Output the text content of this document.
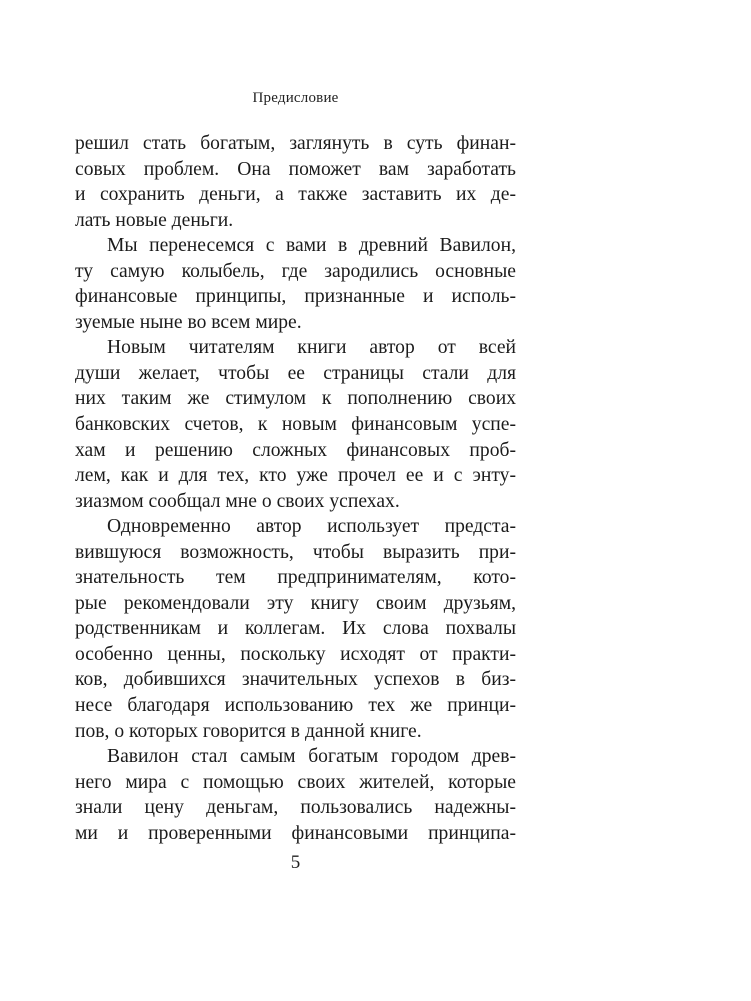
Предисловие
решил стать богатым, заглянуть в суть финан-
совых проблем. Она поможет вам заработать
и сохранить деньги, а также заставить их де-
лать новые деньги.
Мы перенесемся с вами в древний Вавилон,
ту самую колыбель, где зародились основные
финансовые принципы, признанные и исполь-
зуемые ныне во всем мире.
Новым читателям книги автор от всей
души желает, чтобы ее страницы стали для
них таким же стимулом к пополнению своих
банковских счетов, к новым финансовым успе-
хам и решению сложных финансовых проб-
лем, как и для тех, кто уже прочел ее и с энту-
зиазмом сообщал мне о своих успехах.
Одновременно автор использует предста-
вившуюся возможность, чтобы выразить при-
знательность тем предпринимателям, кото-
рые рекомендовали эту книгу своим друзьям,
родственникам и коллегам. Их слова похвалы
особенно ценны, поскольку исходят от практи-
ков, добившихся значительных успехов в биз-
несе благодаря использованию тех же принци-
пов, о которых говорится в данной книге.
Вавилон стал самым богатым городом древ-
него мира с помощью своих жителей, которые
знали цену деньгам, пользовались надежны-
ми и проверенными финансовыми принципа-
5
